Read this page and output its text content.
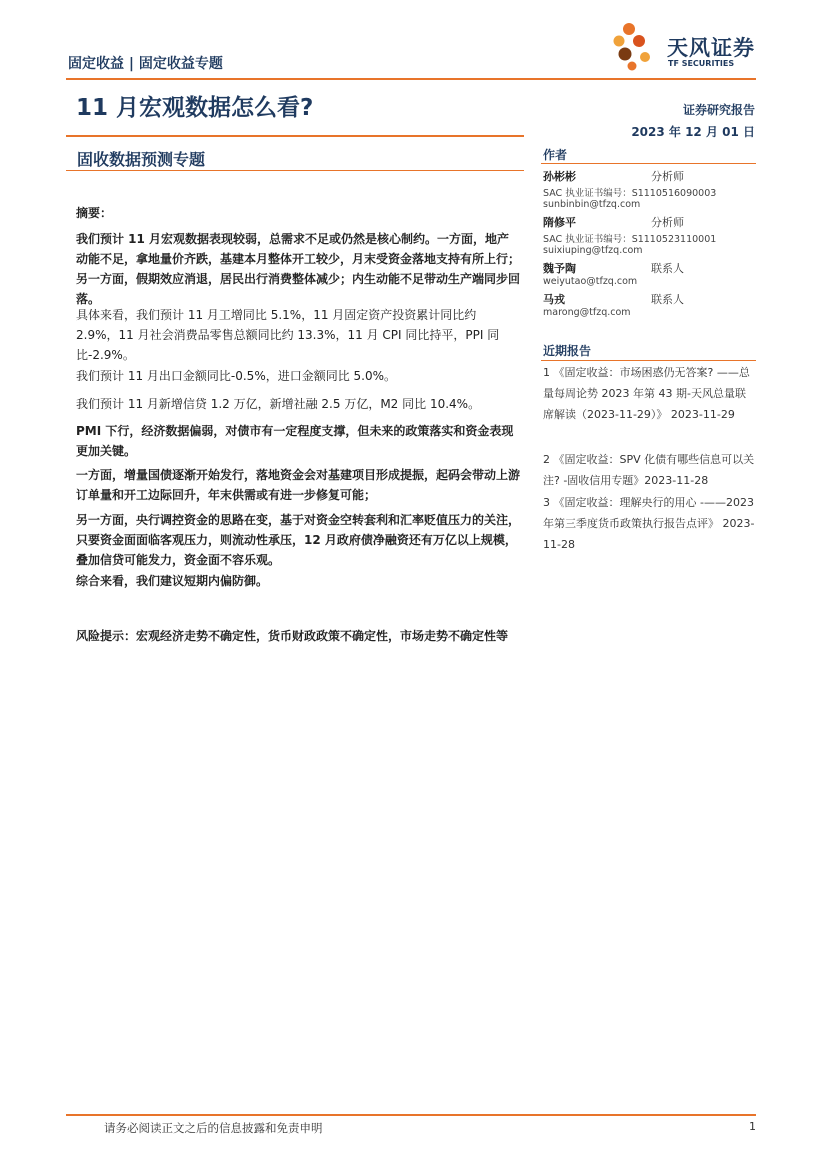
固定收益 | 固定收益专题
天风证券
TF SECURITIES
11 月宏观数据怎么看?	证券研究报告
2023 年 12 月 01 日
固收数据预测专题	作者
孙彬彬	分析师
SAC 执业证书编号：S1110516090003
sunbinbin@tfzq.com
隋修平	分析师
SAC 执业证书编号：S1110523110001
suixiuping@tfzq.com
魏予陶	联系人
weiyutao@tfzq.com
马戎	联系人
marong@tfzq.com
近期报告
1 《固定收益：市场困惑仍无答案? ——总量每周论势 2023 年第 43 期-天风总量联席解读（2023-11-29）》 2023-11-29
2 《固定收益：SPV 化债有哪些信息可以关注? -固收信用专题》2023-11-28
3 《固定收益：理解央行的用心 -——2023 年第三季度货币政策执行报告点评》 2023-11-28
摘要：
我们预计 11 月宏观数据表现较弱，总需求不足或仍然是核心制约。一方面，地产动能不足，拿地量价齐跌，基建本月整体开工较少，月末受资金落地支持有所上行；另一方面，假期效应消退，居民出行消费整体减少；内生动能不足带动生产端同步回落。
具体来看，我们预计 11 月工增同比 5.1%，11 月固定资产投资累计同比约 2.9%，11 月社会消费品零售总额同比约 13.3%，11 月 CPI 同比持平，PPI 同比-2.9%。
我们预计 11 月出口金额同比-0.5%，进口金额同比 5.0%。
我们预计 11 月新增信贷 1.2 万亿，新增社融 2.5 万亿，M2 同比 10.4%。
PMI 下行，经济数据偏弱，对债市有一定程度支撑，但未来的政策落实和资金表现更加关键。
一方面，增量国债逐渐开始发行，落地资金会对基建项目形成提振，起码会带动上游订单量和开工边际回升，年末供需或有进一步修复可能；
另一方面，央行调控资金的思路在变，基于对资金空转套利和汇率贬值压力的关注，只要资金面面临客观压力，则流动性承压，12 月政府债净融资还有万亿以上规模，叠加信贷可能发力，资金面不容乐观。
综合来看，我们建议短期内偏防御。
风险提示：宏观经济走势不确定性，货币财政政策不确定性，市场走势不确定性等
请务必阅读正文之后的信息披露和免责申明	1
